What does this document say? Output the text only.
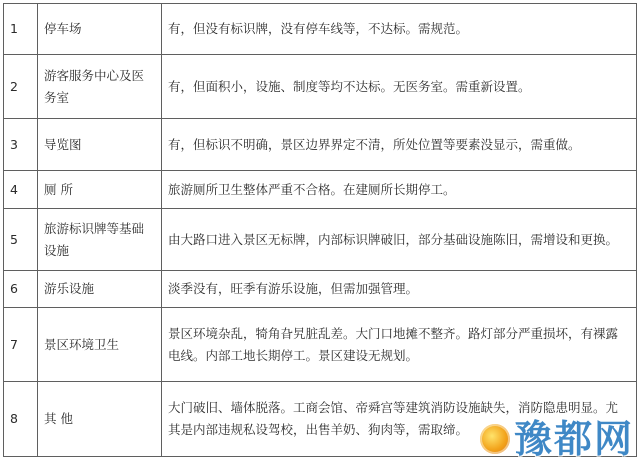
1	停车场	有，但没有标识牌，没有停车线等，不达标。需规范。
2	游客服务中心及医务室	有，但面积小，设施、制度等均不达标。无医务室。需重新设置。
3	导览图	有，但标识不明确，景区边界界定不清，所处位置等要素没显示，需重做。
4	厕 所	旅游厕所卫生整体严重不合格。在建厕所长期停工。
5	旅游标识牌等基础设施	由大路口进入景区无标牌，内部标识牌破旧，部分基础设施陈旧，需增设和更换。
6	游乐设施	淡季没有，旺季有游乐设施，但需加强管理。
7	景区环境卫生	景区环境杂乱，犄角旮旯脏乱差。大门口地摊不整齐。路灯部分严重损坏，有裸露电线。内部工地长期停工。景区建设无规划。
8	其 他	大门破旧、墙体脱落。工商会馆、帝舜宫等建筑消防设施缺失，消防隐患明显。尤其是内部违规私设驾校，出售羊奶、狗肉等，需取缔。 豫都网
